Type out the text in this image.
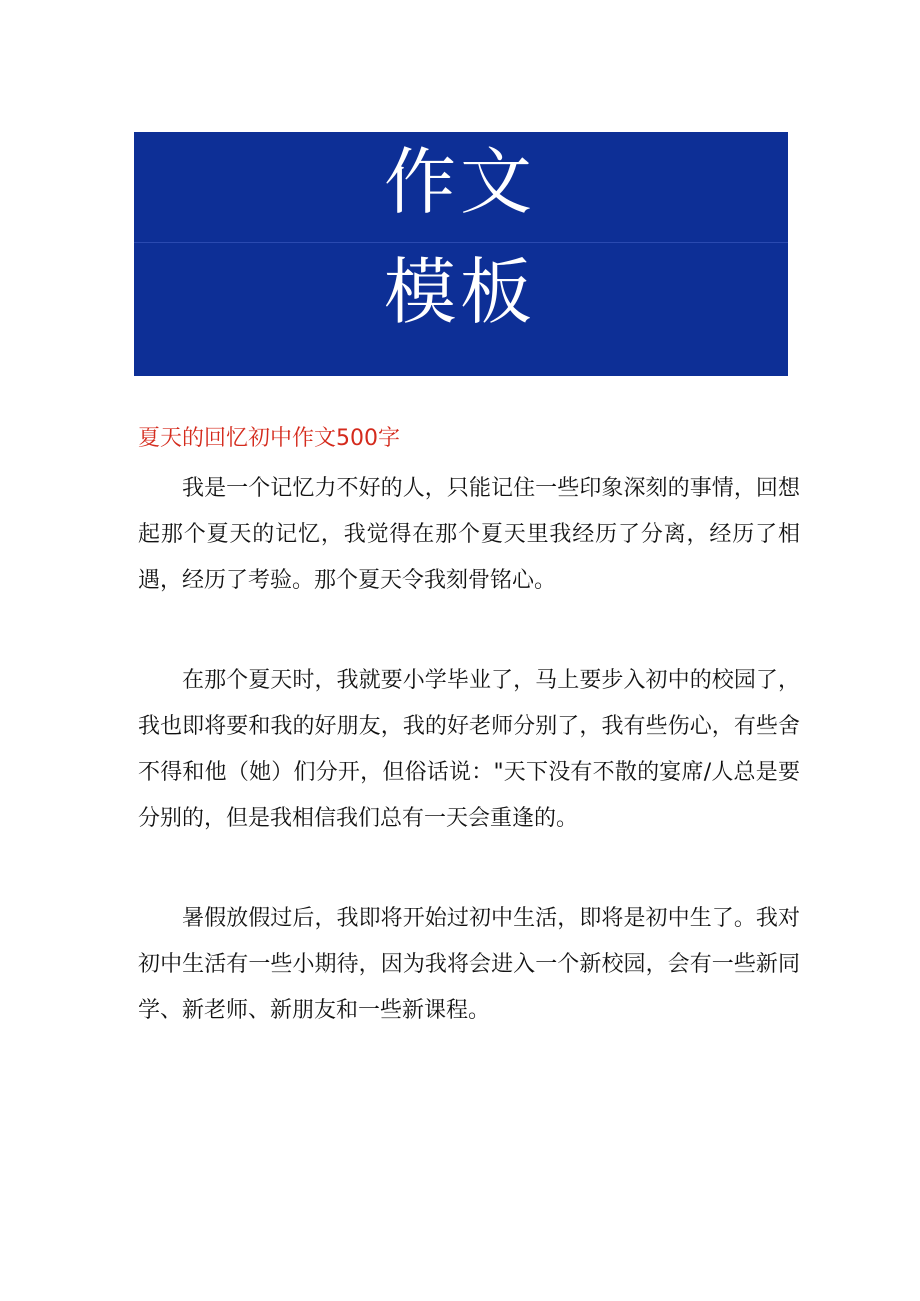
作文
模板
夏天的回忆初中作文500字

我是一个记忆力不好的人，只能记住一些印象深刻的事情，回想起那个夏天的记忆，我觉得在那个夏天里我经历了分离，经历了相遇，经历了考验。那个夏天令我刻骨铭心。

在那个夏天时，我就要小学毕业了，马上要步入初中的校园了，我也即将要和我的好朋友，我的好老师分别了，我有些伤心，有些舍不得和他（她）们分开，但俗话说："天下没有不散的宴席/人总是要分别的，但是我相信我们总有一天会重逢的。

暑假放假过后，我即将开始过初中生活，即将是初中生了。我对初中生活有一些小期待，因为我将会进入一个新校园，会有一些新同学、新老师、新朋友和一些新课程。
